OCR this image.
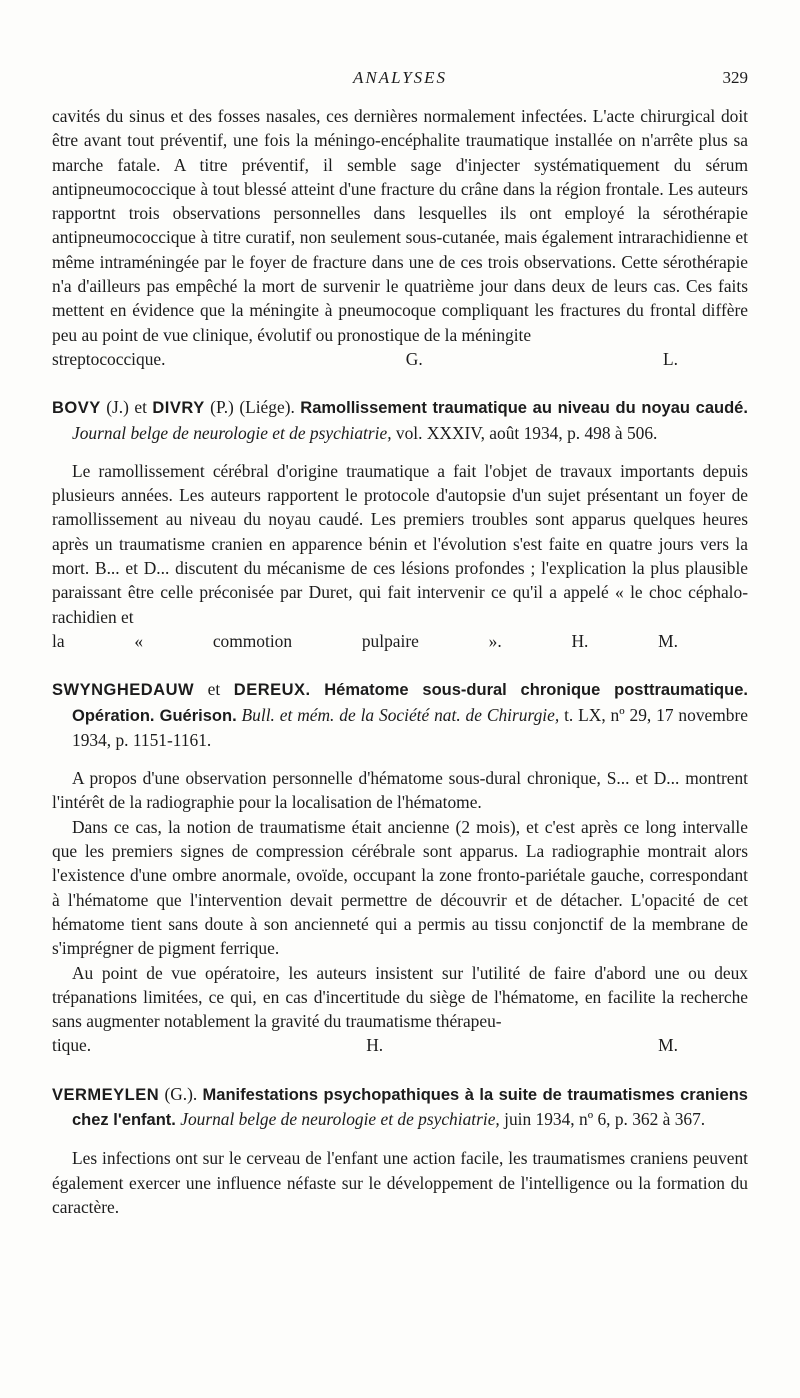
ANALYSES	329

cavités du sinus et des fosses nasales, ces dernières normalement infectées. L'acte chirurgical doit être avant tout préventif, une fois la méningo-encéphalite traumatique installée on n'arrête plus sa marche fatale. A titre préventif, il semble sage d'injecter systématiquement du sérum antipneumococcique à tout blessé atteint d'une fracture du crâne dans la région frontale. Les auteurs rapportnt trois observations personnelles dans lesquelles ils ont employé la sérothérapie antipneumococcique à titre curatif, non seulement sous-cutanée, mais également intrarachidienne et même intraméningée par le foyer de fracture dans une de ces trois observations. Cette sérothérapie n'a d'ailleurs pas empêché la mort de survenir le quatrième jour dans deux de leurs cas. Ces faits mettent en évidence que la méningite à pneumocoque compliquant les fractures du frontal diffère peu au point de vue clinique, évolutif ou pronostique de la méningite

streptococcique.	G. L.

BOVY (J.) et DIVRY (P.) (Liége). Ramollissement traumatique au niveau du noyau caudé. Journal belge de neurologie et de psychiatrie, vol. XXXIV, août 1934, p. 498 à 506.

Le ramollissement cérébral d'origine traumatique a fait l'objet de travaux importants depuis plusieurs années. Les auteurs rapportent le protocole d'autopsie d'un sujet présentant un foyer de ramollissement au niveau du noyau caudé. Les premiers troubles sont apparus quelques heures après un traumatisme cranien en apparence bénin et l'évolution s'est faite en quatre jours vers la mort. B... et D... discutent du mécanisme de ces lésions profondes ; l'explication la plus plausible paraissant être celle préconisée par Duret, qui fait intervenir ce qu'il a appelé « le choc céphalo-rachidien et

la « commotion pulpaire ».	H. M.

SWYNGHEDAUW et DEREUX. Hématome sous-dural chronique posttraumatique. Opération. Guérison. Bull. et mém. de la Société nat. de Chirurgie, t. LX, nº 29, 17 novembre 1934, p. 1151-1161.

A propos d'une observation personnelle d'hématome sous-dural chronique, S... et D... montrent l'intérêt de la radiographie pour la localisation de l'hématome.

Dans ce cas, la notion de traumatisme était ancienne (2 mois), et c'est après ce long intervalle que les premiers signes de compression cérébrale sont apparus. La radiographie montrait alors l'existence d'une ombre anormale, ovoïde, occupant la zone fronto-pariétale gauche, correspondant à l'hématome que l'intervention devait permettre de découvrir et de détacher. L'opacité de cet hématome tient sans doute à son ancienneté qui a permis au tissu conjonctif de la membrane de s'imprégner de pigment ferrique.

Au point de vue opératoire, les auteurs insistent sur l'utilité de faire d'abord une ou deux trépanations limitées, ce qui, en cas d'incertitude du siège de l'hématome, en facilite la recherche sans augmenter notablement la gravité du traumatisme thérapeu-

tique.	H. M.

VERMEYLEN (G.). Manifestations psychopathiques à la suite de traumatismes craniens chez l'enfant. Journal belge de neurologie et de psychiatrie, juin 1934, nº 6, p. 362 à 367.

Les infections ont sur le cerveau de l'enfant une action facile, les traumatismes craniens peuvent également exercer une influence néfaste sur le développement de l'intelligence ou la formation du caractère.
